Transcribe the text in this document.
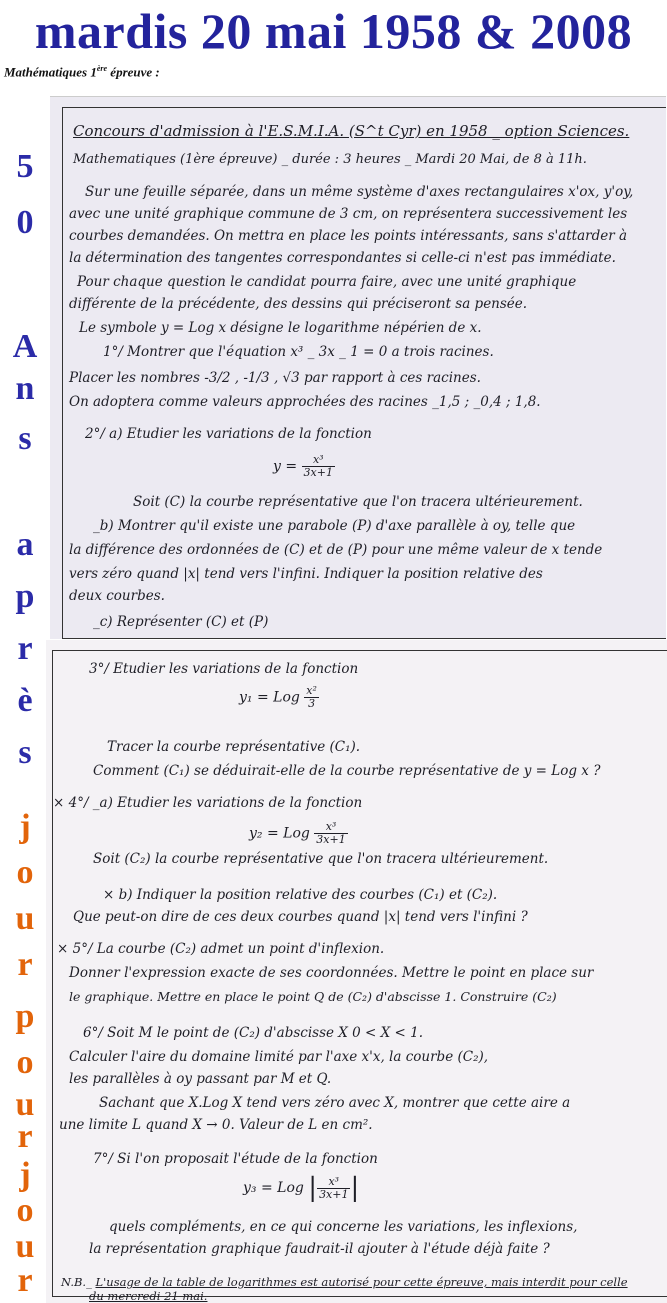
mardis 20 mai 1958 & 2008
Mathématiques 1ère épreuve :
5
0
A
n
s
a
p
r
è
s
j
o
u
r
p
o
u
r
j
o
u
r
Concours d'admission à l'E.S.M.I.A. (S^t Cyr) en 1958 _ option Sciences.
Mathematiques (1ère épreuve) _ durée : 3 heures _ Mardi 20 Mai, de 8 à 11h.
Sur une feuille séparée, dans un même système d'axes rectangulaires x'ox, y'oy,
avec une unité graphique commune de 3 cm, on représentera successivement les
courbes demandées. On mettra en place les points intéressants, sans s'attarder à
la détermination des tangentes correspondantes si celle-ci n'est pas immédiate.
Pour chaque question le candidat pourra faire, avec une unité graphique
différente de la précédente, des dessins qui préciseront sa pensée.
Le symbole y = Log x désigne le logarithme népérien de x.
1°/ Montrer que l'équation x³ _ 3x _ 1 = 0 a trois racines.
Placer les nombres -3/2 , -1/3 , √3 par rapport à ces racines.
On adoptera comme valeurs approchées des racines _1,5 ; _0,4 ; 1,8.
2°/ a) Etudier les variations de la fonction
$y = \frac{\text{x³}}{3x+1}$
Soit (C) la courbe représentative que l'on tracera ultérieurement.
_b) Montrer qu'il existe une parabole (P) d'axe parallèle à oy, telle que
la différence des ordonnées de (C) et de (P) pour une même valeur de x tende
vers zéro quand |x| tend vers l'infini. Indiquer la position relative des
deux courbes.
_c) Représenter (C) et (P)
3°/ Etudier les variations de la fonction
y₁ = Log $\frac{\text{x²}}{3}$
Tracer la courbe représentative (C₁).
Comment (C₁) se déduirait-elle de la courbe représentative de y = Log x ?
× 4°/ _a) Etudier les variations de la fonction
y₂ = Log $\frac{\text{x³}}{3x+1}$
Soit (C₂) la courbe représentative que l'on tracera ultérieurement.
× b) Indiquer la position relative des courbes (C₁) et (C₂).
Que peut-on dire de ces deux courbes quand |x| tend vers l'infini ?
× 5°/ La courbe (C₂) admet un point d'inflexion.
Donner l'expression exacte de ses coordonnées. Mettre le point en place sur
le graphique. Mettre en place le point Q de (C₂) d'abscisse 1. Construire (C₂)
6°/ Soit M le point de (C₂) d'abscisse X 0 < X < 1.
Calculer l'aire du domaine limité par l'axe x'x, la courbe (C₂),
les parallèles à oy passant par M et Q.
Sachant que X.Log X tend vers zéro avec X, montrer que cette aire a
une limite L quand X → 0. Valeur de L en cm².
7°/ Si l'on proposait l'étude de la fonction
y₃ = Log | $\frac{\text{x³}}{3x+1}$ |
quels compléments, en ce qui concerne les variations, les inflexions,
la représentation graphique faudrait-il ajouter à l'étude déjà faite ?
N.B._ L'usage de la table de logarithmes est autorisé pour cette épreuve, mais interdit pour celle
du mercredi 21 mai.
